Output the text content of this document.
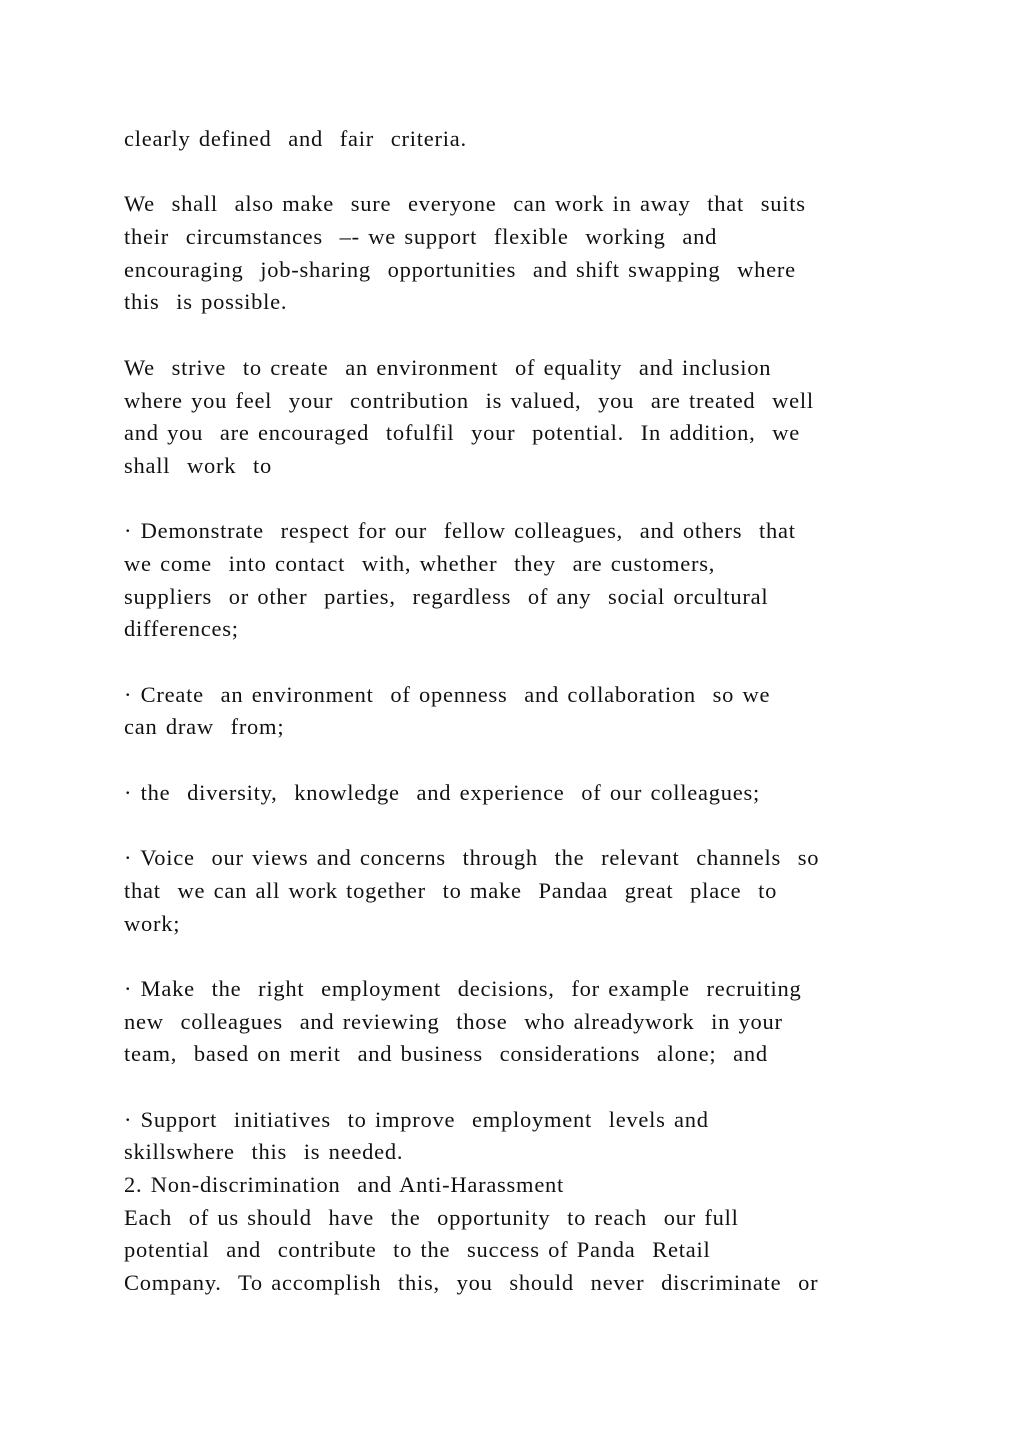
clearly defined  and  fair  criteria.

We  shall  also make  sure  everyone  can work in away  that  suits
their  circumstances  –- we support  flexible  working  and
encouraging  job-sharing  opportunities  and shift swapping  where
this  is possible.

We  strive  to create  an environment  of equality  and inclusion
where you feel  your  contribution  is valued,  you  are treated  well
and you  are encouraged  tofulfil  your  potential.  In addition,  we
shall  work  to

· Demonstrate  respect for our  fellow colleagues,  and others  that
we come  into contact  with, whether  they  are customers,
suppliers  or other  parties,  regardless  of any  social orcultural
differences;

· Create  an environment  of openness  and collaboration  so we
can draw  from;

· the  diversity,  knowledge  and experience  of our colleagues;

· Voice  our views and concerns  through  the  relevant  channels  so
that  we can all work together  to make  Pandaa  great  place  to
work;

· Make  the  right  employment  decisions,  for example  recruiting
new  colleagues  and reviewing  those  who alreadywork  in your
team,  based on merit  and business  considerations  alone;  and

· Support  initiatives  to improve  employment  levels and
skillswhere  this  is needed.
2. Non-discrimination  and Anti-Harassment
Each  of us should  have  the  opportunity  to reach  our full
potential  and  contribute  to the  success of Panda  Retail
Company.  To accomplish  this,  you  should  never  discriminate  or
